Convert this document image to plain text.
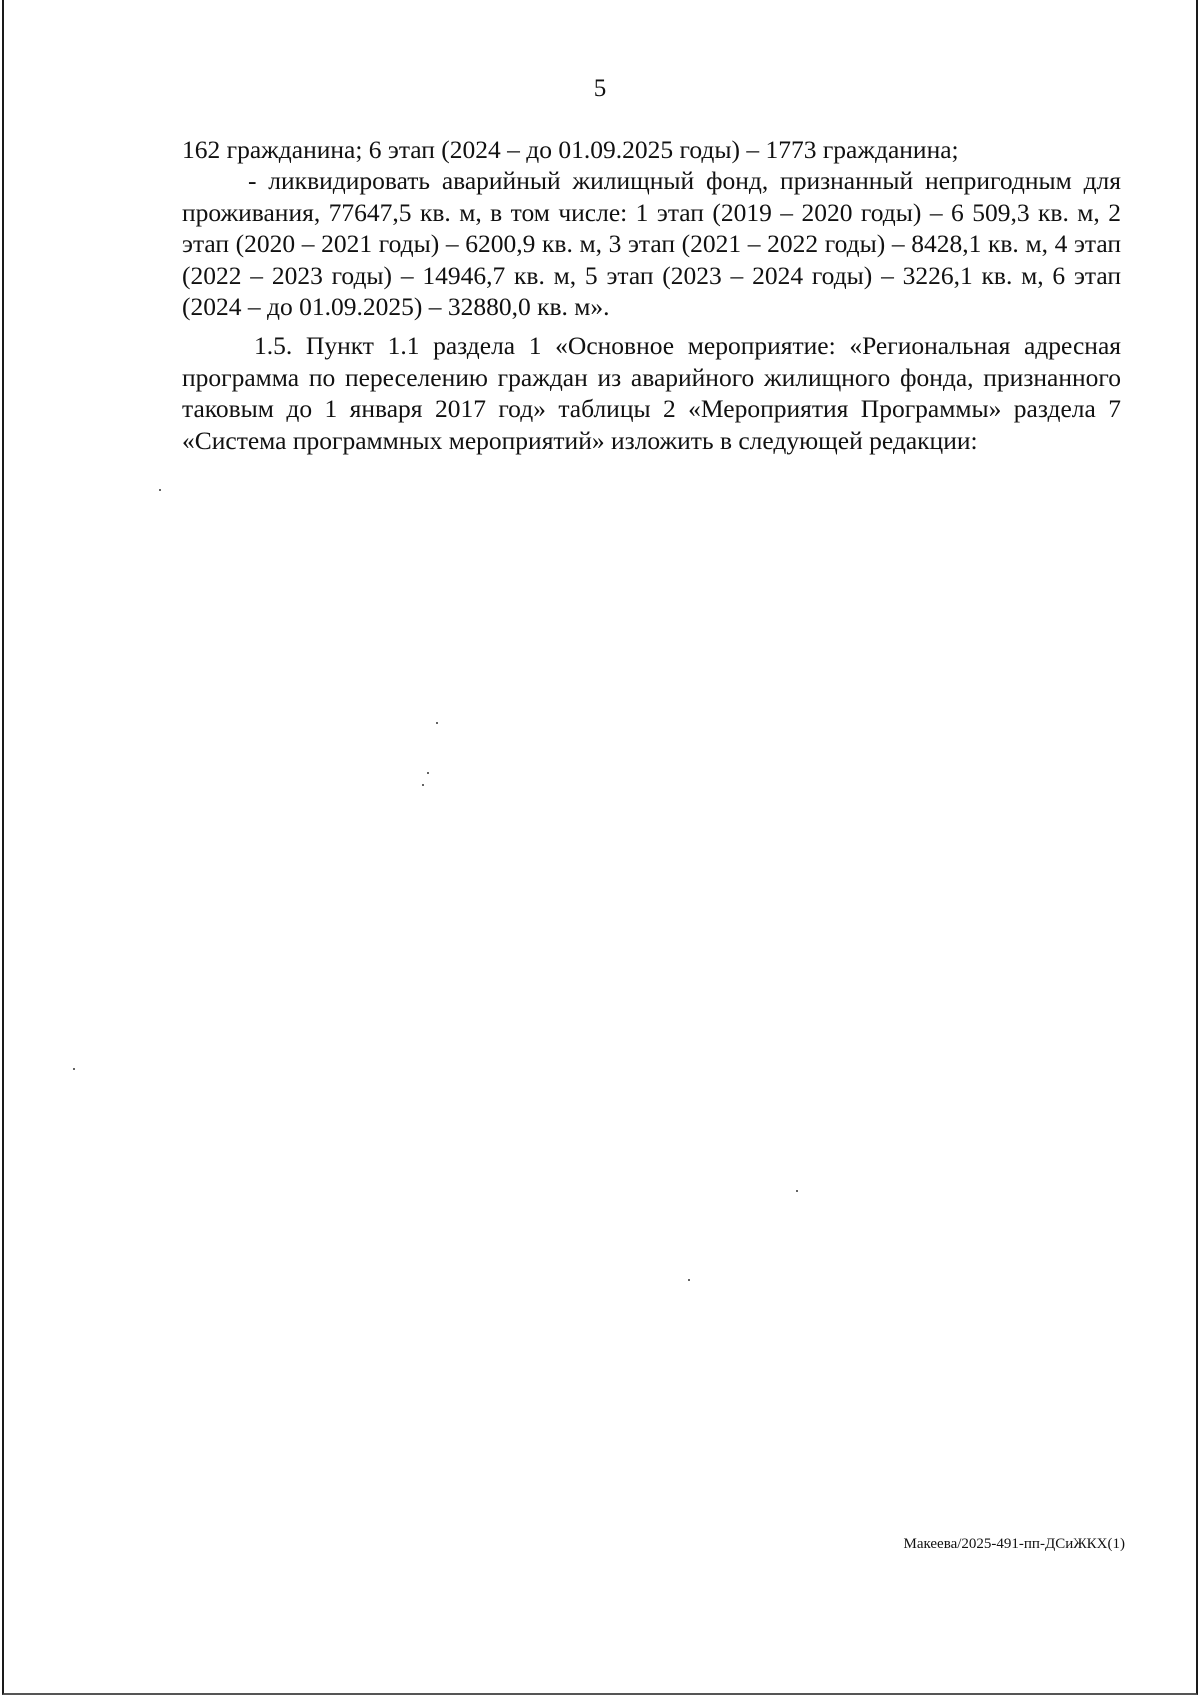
5

162 гражданина; 6 этап (2024 – до 01.09.2025 годы) – 1773 гражданина;

- ликвидировать аварийный жилищный фонд, признанный непригодным для проживания, 77647,5 кв. м, в том числе: 1 этап (2019 – 2020 годы) – 6 509,3 кв. м, 2 этап (2020 – 2021 годы) – 6200,9 кв. м, 3 этап (2021 – 2022 годы) – 8428,1 кв. м, 4 этап (2022 – 2023 годы) – 14946,7 кв. м, 5 этап (2023 – 2024 годы) – 3226,1 кв. м, 6 этап (2024 – до 01.09.2025) – 32880,0 кв. м».

1.5. Пункт 1.1 раздела 1 «Основное мероприятие: «Региональная адресная программа по переселению граждан из аварийного жилищного фонда, признанного таковым до 1 января 2017 год» таблицы 2 «Мероприятия Программы» раздела 7 «Система программных мероприятий» изложить в следующей редакции:

Макеева/2025-491-пп-ДСиЖКХ(1)
